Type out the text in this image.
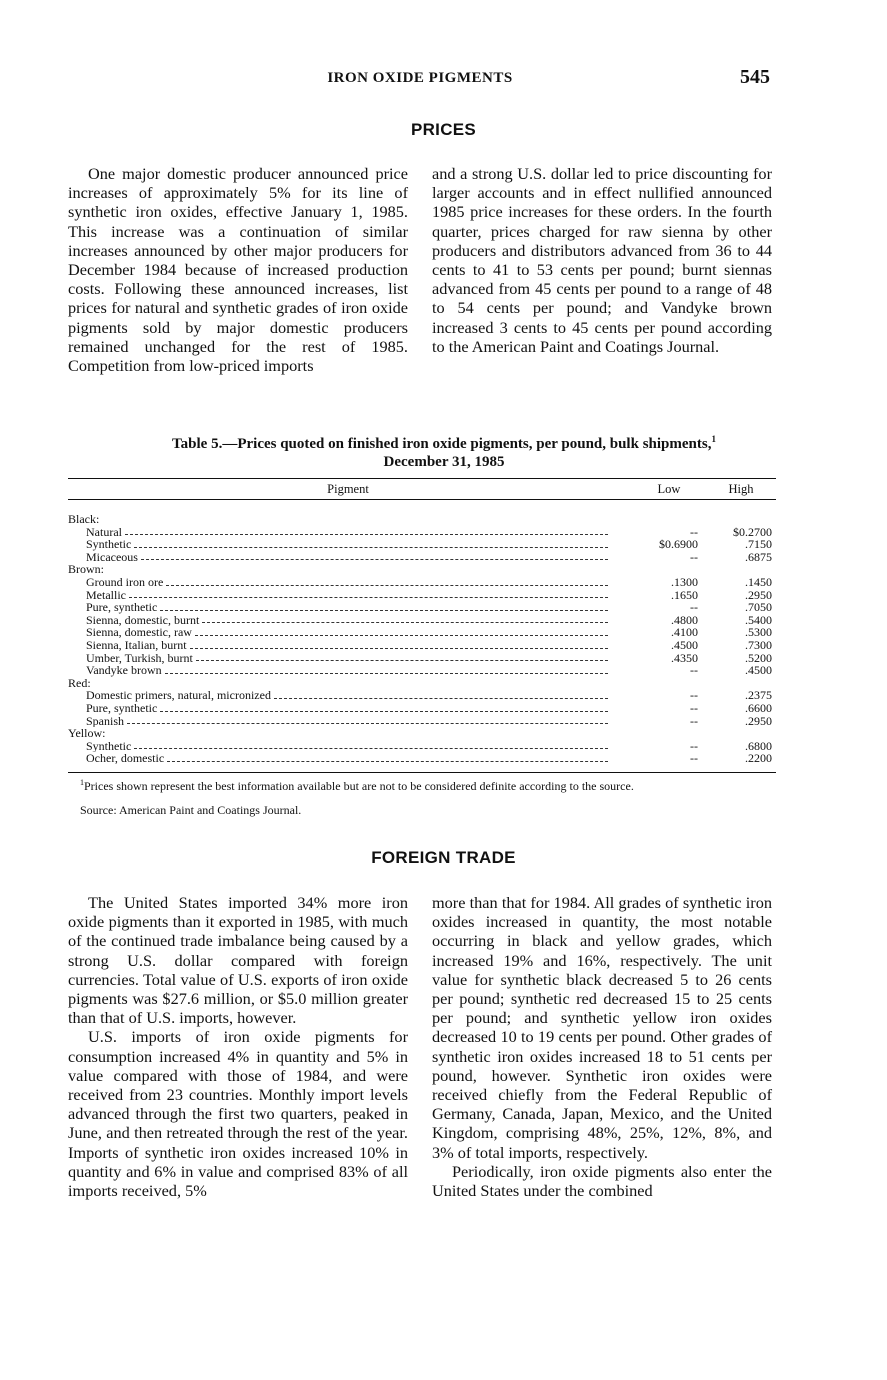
IRON OXIDE PIGMENTS	545
PRICES

One major domestic producer announced price increases of approximately 5% for its line of synthetic iron oxides, effective January 1, 1985. This increase was a continuation of similar increases announced by other major producers for December 1984 because of increased production costs. Following these announced increases, list prices for natural and synthetic grades of iron oxide pigments sold by major domestic producers remained unchanged for the rest of 1985. Competition from low-priced imports

and a strong U.S. dollar led to price discounting for larger accounts and in effect nullified announced 1985 price increases for these orders. In the fourth quarter, prices charged for raw sienna by other producers and distributors advanced from 36 to 44 cents to 41 to 53 cents per pound; burnt siennas advanced from 45 cents per pound to a range of 48 to 54 cents per pound; and Vandyke brown increased 3 cents to 45 cents per pound according to the American Paint and Coatings Journal.

Table 5.—Prices quoted on finished iron oxide pigments, per pound, bulk shipments,$^1$
December 31, 1985
Pigment	Low	High
Black:
Natural	--	$0.2700
Synthetic	$0.6900	.7150
Micaceous	--	.6875
Brown:
Ground iron ore	.1300	.1450
Metallic	.1650	.2950
Pure, synthetic	--	.7050
Sienna, domestic, burnt	.4800	.5400
Sienna, domestic, raw	.4100	.5300
Sienna, Italian, burnt	.4500	.7300
Umber, Turkish, burnt	.4350	.5200
Vandyke brown	--	.4500
Red:
Domestic primers, natural, micronized	--	.2375
Pure, synthetic	--	.6600
Spanish	--	.2950
Yellow:
Synthetic	--	.6800
Ocher, domestic	--	.2200
$^1$Prices shown represent the best information available but are not to be considered definite according to the source.
Source: American Paint and Coatings Journal.
FOREIGN TRADE

The United States imported 34% more iron oxide pigments than it exported in 1985, with much of the continued trade imbalance being caused by a strong U.S. dollar compared with foreign currencies. Total value of U.S. exports of iron oxide pigments was $27.6 million, or $5.0 million greater than that of U.S. imports, however.

U.S. imports of iron oxide pigments for consumption increased 4% in quantity and 5% in value compared with those of 1984, and were received from 23 countries. Monthly import levels advanced through the first two quarters, peaked in June, and then retreated through the rest of the year. Imports of synthetic iron oxides increased 10% in quantity and 6% in value and comprised 83% of all imports received, 5%

more than that for 1984. All grades of synthetic iron oxides increased in quantity, the most notable occurring in black and yellow grades, which increased 19% and 16%, respectively. The unit value for synthetic black decreased 5 to 26 cents per pound; synthetic red decreased 15 to 25 cents per pound; and synthetic yellow iron oxides decreased 10 to 19 cents per pound. Other grades of synthetic iron oxides increased 18 to 51 cents per pound, however. Synthetic iron oxides were received chiefly from the Federal Republic of Germany, Canada, Japan, Mexico, and the United Kingdom, comprising 48%, 25%, 12%, 8%, and 3% of total imports, respectively.

Periodically, iron oxide pigments also enter the United States under the combined
